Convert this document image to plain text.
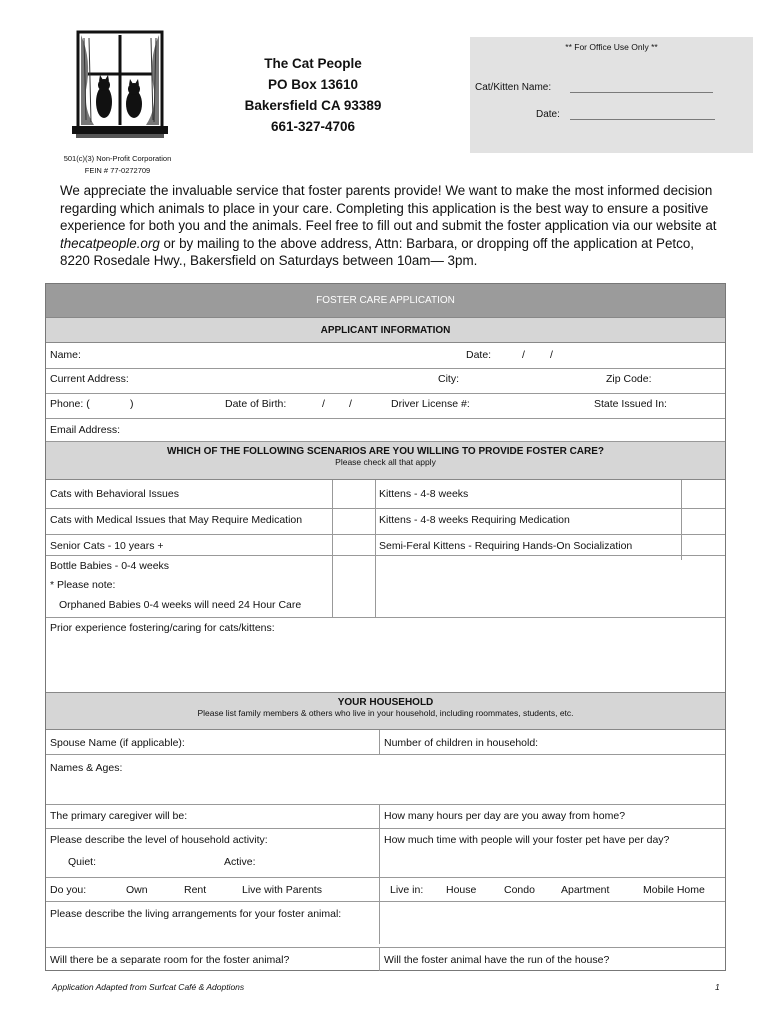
The Cat People
PO Box 13610
Bakersfield CA 93389
661-327-4706
501(c)(3) Non-Profit Corporation
FEIN # 77-0272709
** For Office Use Only **
Cat/Kitten Name:
Date:

We appreciate the invaluable service that foster parents provide! We want to make the most informed decision regarding which animals to place in your care. Completing this application is the best way to ensure a positive experience for both you and the animals. Feel free to fill out and submit the foster application via our website at thecatpeople.org or by mailing to the above address, Attn: Barbara, or dropping off the application at Petco, 8220 Rosedale Hwy., Bakersfield on Saturdays between 10am— 3pm.

FOSTER CARE APPLICATION
APPLICANT INFORMATION
Name:	Date:	/ /
Current Address:	City:	Zip Code:
Phone: (	)	Date of Birth:	/ /	Driver License #:	State Issued In:
Email Address:
WHICH OF THE FOLLOWING SCENARIOS ARE YOU WILLING TO PROVIDE FOSTER CARE?
Please check all that apply
Cats with Behavioral Issues	Kittens - 4-8 weeks
Cats with Medical Issues that May Require Medication	Kittens - 4-8 weeks Requiring Medication
Senior Cats - 10 years +	Semi-Feral Kittens - Requiring Hands-On Socialization
Bottle Babies - 0-4 weeks
* Please note:
Orphaned Babies 0-4 weeks will need 24 Hour Care
Prior experience fostering/caring for cats/kittens:
YOUR HOUSEHOLD
Please list family members & others who live in your household, including roommates, students, etc.
Spouse Name (if applicable):	Number of children in household:
Names & Ages:
The primary caregiver will be:	How many hours per day are you away from home?
Please describe the level of household activity:	How much time with people will your foster pet have per day?
Quiet:	Active:
Do you:	Own	Rent	Live with Parents	Live in: House	Condo Apartment	Mobile Home
Please describe the living arrangements for your foster animal:
Will there be a separate room for the foster animal?	Will the foster animal have the run of the house?
Application Adapted from Surfcat Café & Adoptions	1
